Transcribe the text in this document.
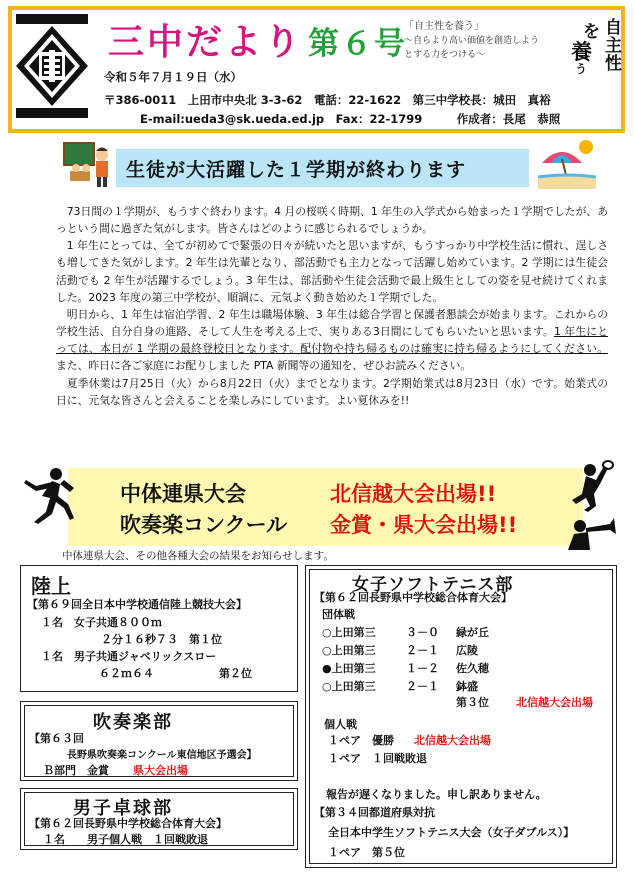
三中だより 第６号
「自主性を養う」
～自らより高い価値を創造しよう
とする力をつける～
自
主
性
を
養
う
令和５年７月１９日（水）
〒386-0011　上田市中央北 3-3-62　電話：22-1622　第三中学校長：城田　真裕
E-mail:ueda3@sk.ueda.ed.jp　Fax：22-1799　　　作成者：長尾　恭照
生徒が大活躍した１学期が終わります

73日間の１学期が、もうすぐ終わります。4 月の桜咲く時期、1 年生の入学式から始まった１学期でしたが、あっという間に過ぎた気がします。皆さんはどのように感じられるでしょうか。

1 年生にとっては、全てが初めてで緊張の日々が続いたと思いますが、もうすっかり中学校生活に慣れ、逞しさも増してきた気がします。2 年生は先輩となり、部活動でも主力となって活躍し始めています。2 学期には生徒会活動でも 2 年生が活躍するでしょう。3 年生は、部活動や生徒会活動で最上級生としての姿を見せ続けてくれました。2023 年度の第三中学校が、順調に、元気よく動き始めた１学期でした。

明日から、1 年生は宿泊学習、2 年生は職場体験、3 年生は総合学習と保護者懇談会が始まります。これからの学校生活、自分自身の進路、そして人生を考える上で、実りある3日間にしてもらいたいと思います。1 年生にとっては、本日が 1 学期の最終登校日となります。配付物や持ち帰るものは確実に持ち帰るようにしてください。また、昨日に各ご家庭にお配りしました PTA 新聞等の通知を、ぜひお読みください。

夏季休業は7月25日（火）から8月22日（火）までとなります。2学期始業式は8月23日（水）です。始業式の日に、元気な皆さんと会えることを楽しみにしています。よい夏休みを!!

中体連県大会
吹奏楽コンクール
北信越大会出場!!
金賞・県大会出場!!
中体連県大会、その他各種大会の結果をお知らせします。
陸上
【第６９回全日本中学校通信陸上競技大会】
１名　女子共通８００ｍ
２分１６秒７３　第１位
１名　男子共通ジャベリックスロー
６２ｍ６４	第２位
吹奏楽部
【第６３回
長野県吹奏楽コンクール東信地区予選会】
Ｂ部門　金賞 県大会出場
男子卓球部
【第６２回長野県中学校総合体育大会】
１名　　男子個人戦　１回戦敗退
女子ソフトテニス部
【第６２回長野県中学校総合体育大会】
団体戦
○上田第三	３－０ 緑が丘
○上田第三	２－１ 広陵
●上田第三	１－２ 佐久穂
○上田第三	２－１ 鉢盛
第３位 北信越大会出場
個人戦
１ペア　優勝 北信越大会出場
１ペア　１回戦敗退
報告が遅くなりました。申し訳ありません。
【第３４回都道府県対抗
全日本中学生ソフトテニス大会（女子ダブルス）】
１ペア　第５位
